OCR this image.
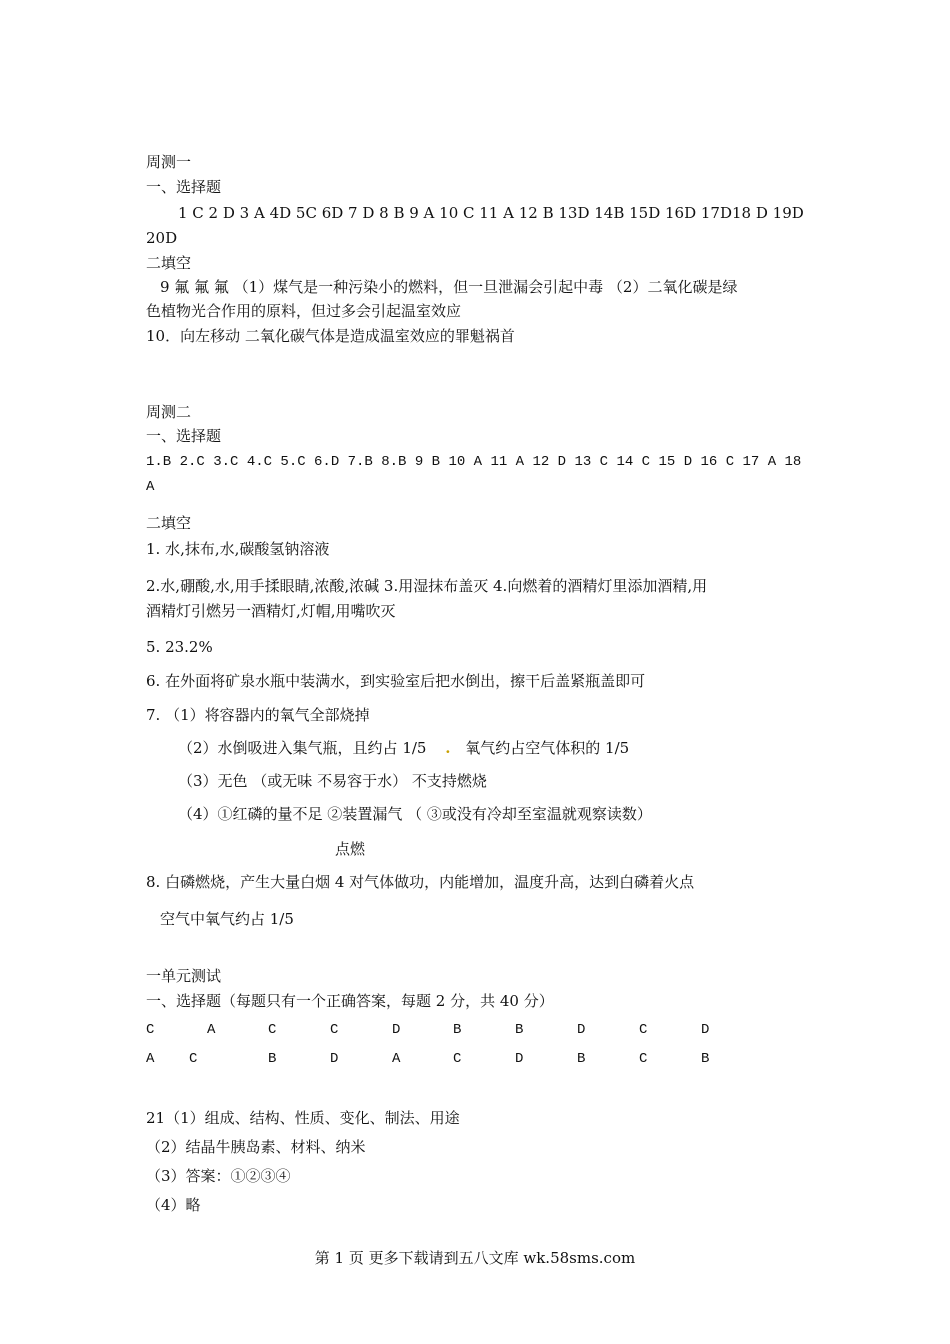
周测一
一、选择题
1 C 2 D 3 A 4D 5C 6D 7 D 8 B 9 A 10 C 11 A 12 B 13D 14B 15D 16D 17D18 D 19D
20D
二填空
9 氟 氟 氟 （1）煤气是一种污染小的燃料，但一旦泄漏会引起中毒 （2）二氧化碳是绿
色植物光合作用的原料，但过多会引起温室效应
10．向左移动 二氧化碳气体是造成温室效应的罪魁祸首
周测二
一、选择题
1.B 2.C 3.C 4.C 5.C 6.D 7.B 8.B 9 B 10 A 11 A 12 D 13 C 14 C 15 D 16 C 17 A 18
A
二填空
1. 水,抹布,水,碳酸氢钠溶液
2.水,硼酸,水,用手揉眼睛,浓酸,浓碱 3.用湿抹布盖灭 4.向燃着的酒精灯里添加酒精,用
酒精灯引燃另一酒精灯,灯帽,用嘴吹灭
5. 23.2%
6. 在外面将矿泉水瓶中装满水，到实验室后把水倒出，擦干后盖紧瓶盖即可
7. （1）将容器内的氧气全部烧掉
（2）水倒吸进入集气瓶，且约占 1/5 . 氧气约占空气体积的 1/5
（3）无色 （或无味 不易容于水） 不支持燃烧
（4）①红磷的量不足 ②装置漏气 （ ③或没有冷却至室温就观察读数）
点燃
8. 白磷燃烧，产生大量白烟 4 对气体做功，内能增加，温度升高，达到白磷着火点
空气中氧气约占 1/5
一单元测试
一、选择题（每题只有一个正确答案，每题 2 分，共 40 分）
C	A	C	C	D	B	B	D	C	D
A C	B	D	A	C	D	B	C	B
21（1）组成、结构、性质、变化、制法、用途
（2）结晶牛胰岛素、材料、纳米
（3）答案：①②③④
（4）略
第 1 页 更多下载请到五八文库 wk.58sms.com
